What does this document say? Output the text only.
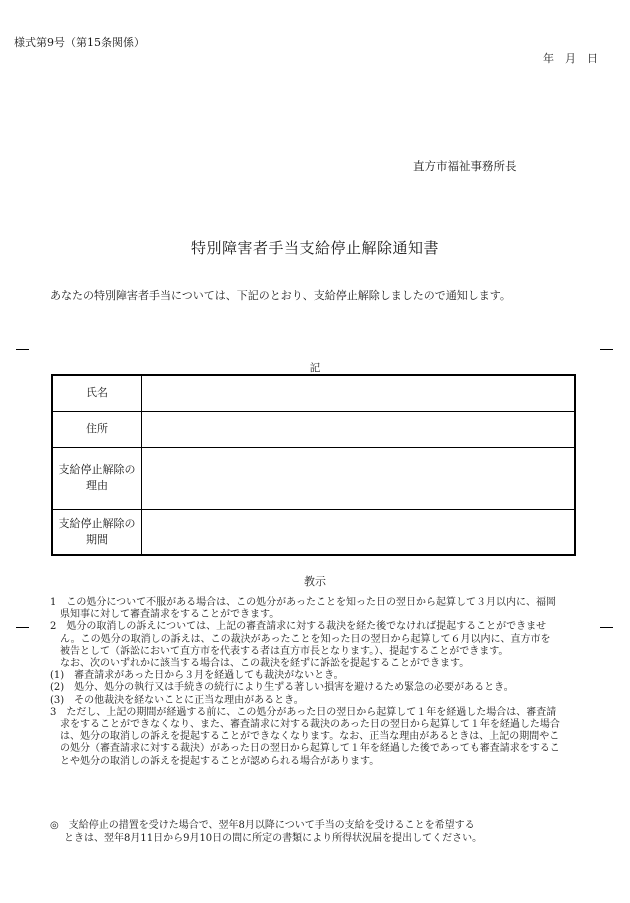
様式第9号（第15条関係）
年　月　日
直方市福祉事務所長
特別障害者手当支給停止解除通知書
あなたの特別障害者手当については、下記のとおり、支給停止解除しましたので通知します。
記
氏名	
住所	
支給停止解除の
理由	
支給停止解除の
期間	
教示

1　この処分について不服がある場合は、この処分があったことを知った日の翌日から起算して３月以内に、福岡県知事に対して審査請求をすることができます。

2　処分の取消しの訴えについては、上記の審査請求に対する裁決を経た後でなければ提起することができません。この処分の取消しの訴えは、この裁決があったことを知った日の翌日から起算して６月以内に、直方市を被告として（訴訟において直方市を代表する者は直方市長となります。）、提起することができます。

なお、次のいずれかに該当する場合は、この裁決を経ずに訴訟を提起することができます。

(1)　審査請求があった日から３月を経過しても裁決がないとき。

(2)　処分、処分の執行又は手続きの続行により生ずる著しい損害を避けるため緊急の必要があるとき。

(3)　その他裁決を経ないことに正当な理由があるとき。

3　ただし、上記の期間が経過する前に、この処分があった日の翌日から起算して１年を経過した場合は、審査請求をすることができなくなり、また、審査請求に対する裁決のあった日の翌日から起算して１年を経過した場合は、処分の取消しの訴えを提起することができなくなります。なお、正当な理由があるときは、上記の期間やこの処分（審査請求に対する裁決）があった日の翌日から起算して１年を経過した後であっても審査請求をすることや処分の取消しの訴えを提起することが認められる場合があります。

◎　支給停止の措置を受けた場合で、翌年8月以降について手当の支給を受けることを希望する

ときは、翌年8月11日から9月10日の間に所定の書類により所得状況届を提出してください。
